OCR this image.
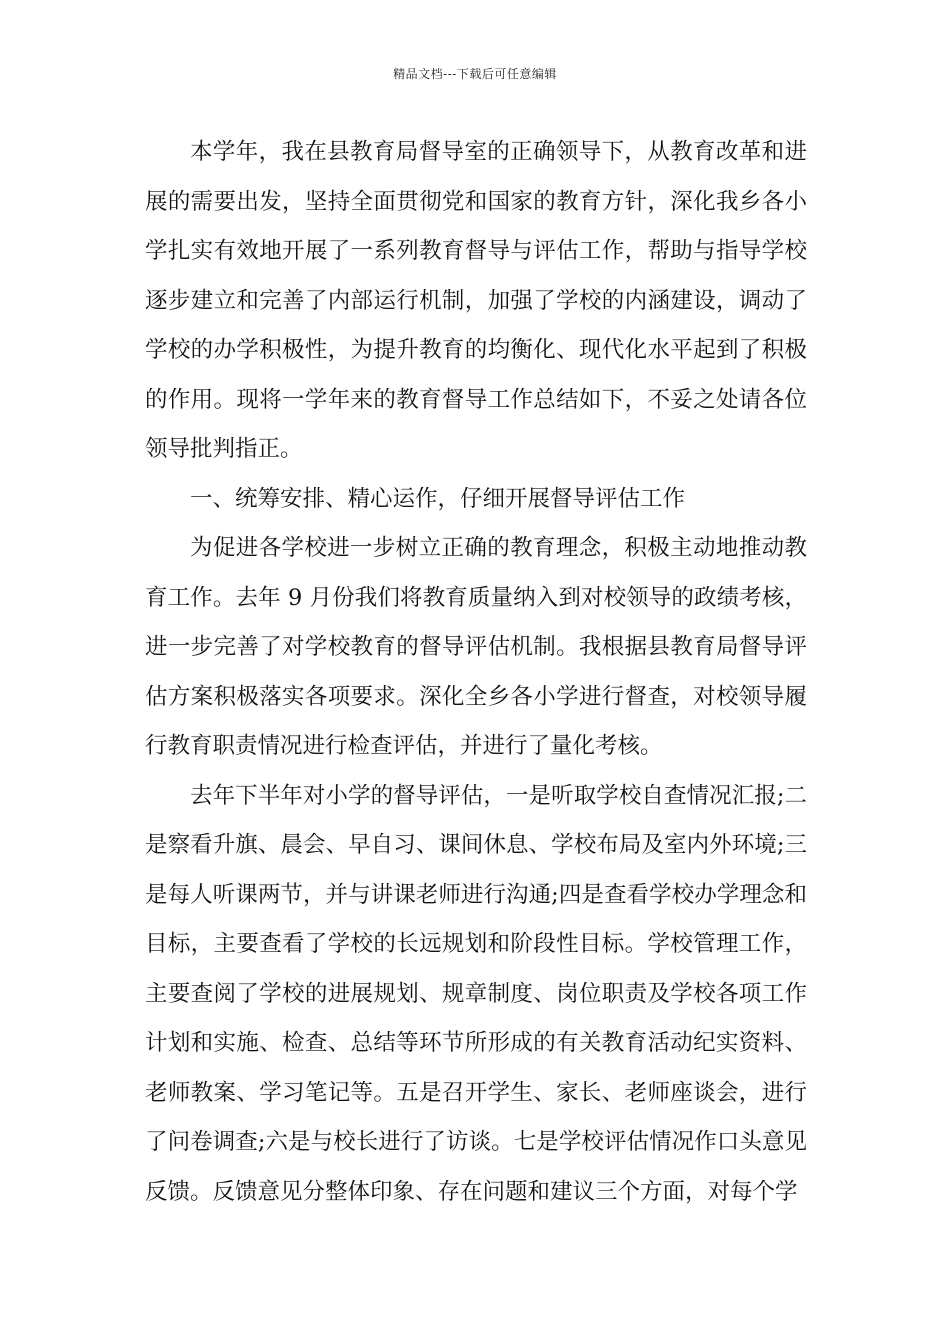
精品文档---下载后可任意编辑

本学年，我在县教育局督导室的正确领导下，从教育改革和进展的需要出发，坚持全面贯彻党和国家的教育方针，深化我乡各小学扎实有效地开展了一系列教育督导与评估工作，帮助与指导学校逐步建立和完善了内部运行机制，加强了学校的内涵建设，调动了学校的办学积极性，为提升教育的均衡化、现代化水平起到了积极的作用。现将一学年来的教育督导工作总结如下，不妥之处请各位领导批判指正。

一、统筹安排、精心运作，仔细开展督导评估工作

为促进各学校进一步树立正确的教育理念，积极主动地推动教育工作。去年 9 月份我们将教育质量纳入到对校领导的政绩考核，进一步完善了对学校教育的督导评估机制。我根据县教育局督导评估方案积极落实各项要求。深化全乡各小学进行督查，对校领导履行教育职责情况进行检查评估，并进行了量化考核。

去年下半年对小学的督导评估，一是听取学校自查情况汇报;二是察看升旗、晨会、早自习、课间休息、学校布局及室内外环境;三是每人听课两节，并与讲课老师进行沟通;四是查看学校办学理念和目标，主要查看了学校的长远规划和阶段性目标。学校管理工作，主要查阅了学校的进展规划、规章制度、岗位职责及学校各项工作计划和实施、检查、总结等环节所形成的有关教育活动纪实资料、老师教案、学习笔记等。五是召开学生、家长、老师座谈会，进行了问卷调查;六是与校长进行了访谈。七是学校评估情况作口头意见反馈。反馈意见分整体印象、存在问题和建议三个方面，对每个学
